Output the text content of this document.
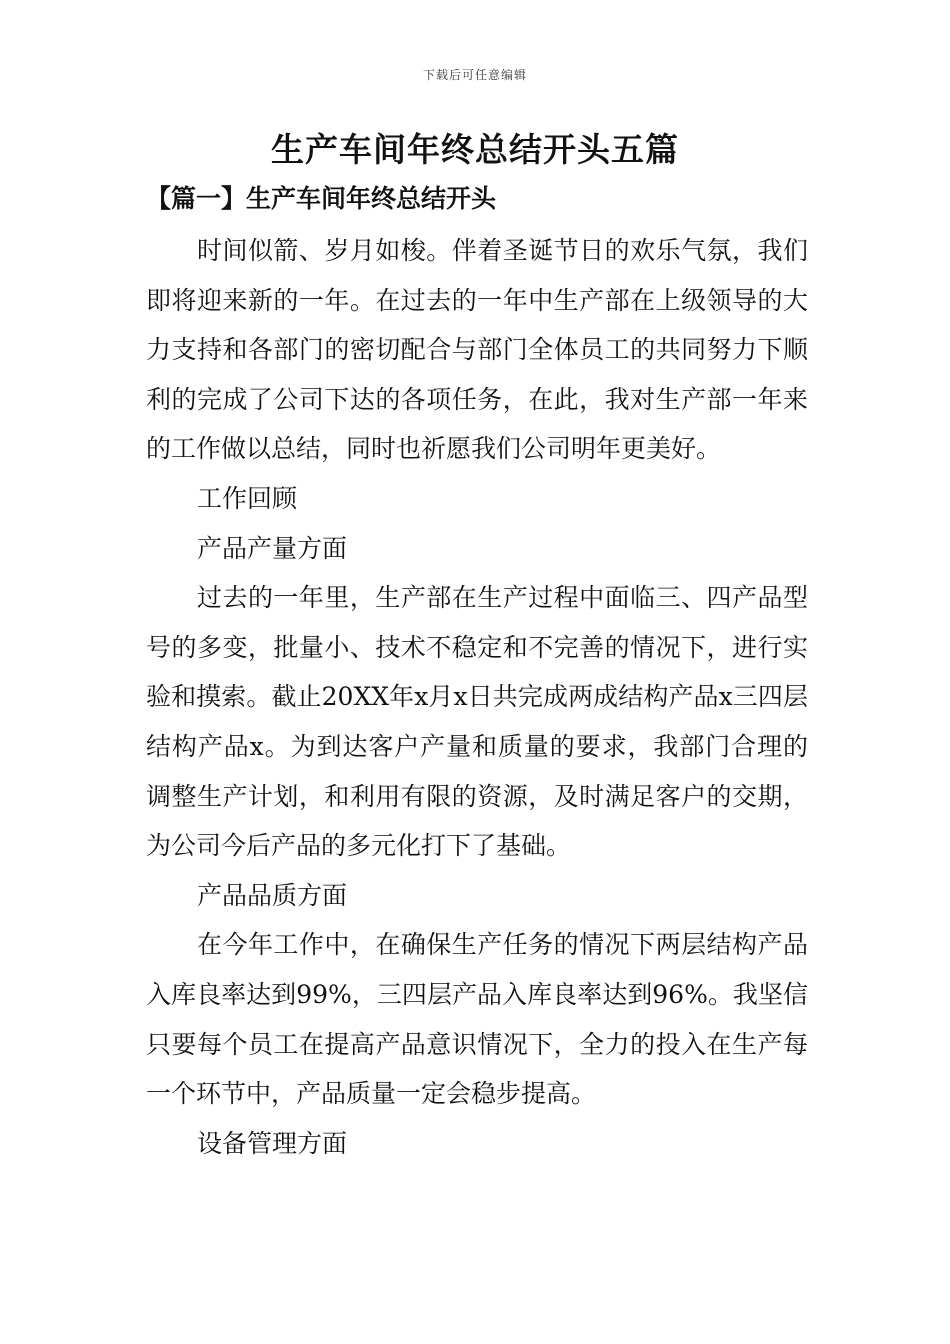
下载后可任意编辑
生产车间年终总结开头五篇
【篇一】生产车间年终总结开头

时间似箭、岁月如梭。伴着圣诞节日的欢乐气氛，我们即将迎来新的一年。在过去的一年中生产部在上级领导的大力支持和各部门的密切配合与部门全体员工的共同努力下顺利的完成了公司下达的各项任务，在此，我对生产部一年来的工作做以总结，同时也祈愿我们公司明年更美好。

工作回顾

产品产量方面

过去的一年里，生产部在生产过程中面临三、四产品型号的多变，批量小、技术不稳定和不完善的情况下，进行实验和摸索。截止20XX年x月x日共完成两成结构产品x三四层结构产品x。为到达客户产量和质量的要求，我部门合理的调整生产计划，和利用有限的资源，及时满足客户的交期，为公司今后产品的多元化打下了基础。

产品品质方面

在今年工作中，在确保生产任务的情况下两层结构产品入库良率达到99%，三四层产品入库良率达到96%。我坚信只要每个员工在提高产品意识情况下，全力的投入在生产每一个环节中，产品质量一定会稳步提高。

设备管理方面
